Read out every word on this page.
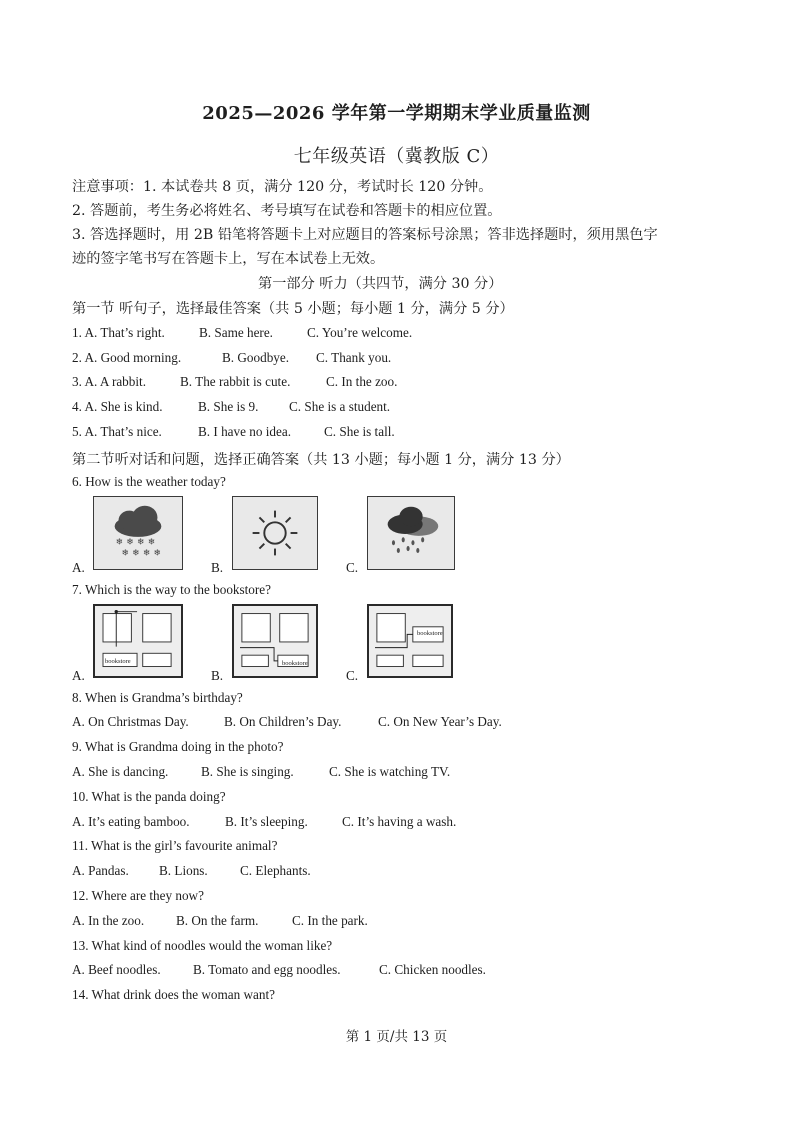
2025—2026 学年第一学期期末学业质量监测
七年级英语（冀教版 C）
注意事项：1. 本试卷共 8 页，满分 120 分，考试时长 120 分钟。
2. 答题前，考生务必将姓名、考号填写在试卷和答题卡的相应位置。
3. 答选择题时，用 2B 铅笔将答题卡上对应题目的答案标号涂黑；答非选择题时，须用黑色字
迹的签字笔书写在答题卡上，写在本试卷上无效。
第一部分 听力（共四节，满分 30 分）
第一节 听句子，选择最佳答案（共 5 小题；每小题 1 分，满分 5 分）
1. A. That’s right.	B. Same here.	C. You’re welcome.
2. A. Good morning.	B. Goodbye. C. Thank you.
3. A. A rabbit.	B. The rabbit is cute.	C. In the zoo.
4. A. She is kind.	B. She is 9. C. She is a student.
5. A. That’s nice.	B. I have no idea. C. She is tall.
第二节听对话和问题，选择正确答案（共 13 小题；每小题 1 分，满分 13 分）
6. How is the weather today?
❄ ❄ ❄ ❄
❄ ❄ ❄ ❄
A.	B.	C.
7. Which is the way to the bookstore?
bookstore	bookstore
bookstore
A.	B.	C.
8. When is Grandma’s birthday?
A. On Christmas Day.	B. On Children’s Day.	C. On New Year’s Day.
9. What is Grandma doing in the photo?
A. She is dancing. B. She is singing.	C. She is watching TV.
10. What is the panda doing?
A. It’s eating bamboo.	B. It’s sleeping.	C. It’s having a wash.
11. What is the girl’s favourite animal?
A. Pandas. B. Lions. C. Elephants.
12. Where are they now?
A. In the zoo. B. On the farm.	C. In the park.
13. What kind of noodles would the woman like?
A. Beef noodles. B. Tomato and egg noodles.	C. Chicken noodles.
14. What drink does the woman want?
第 1 页/共 13 页
